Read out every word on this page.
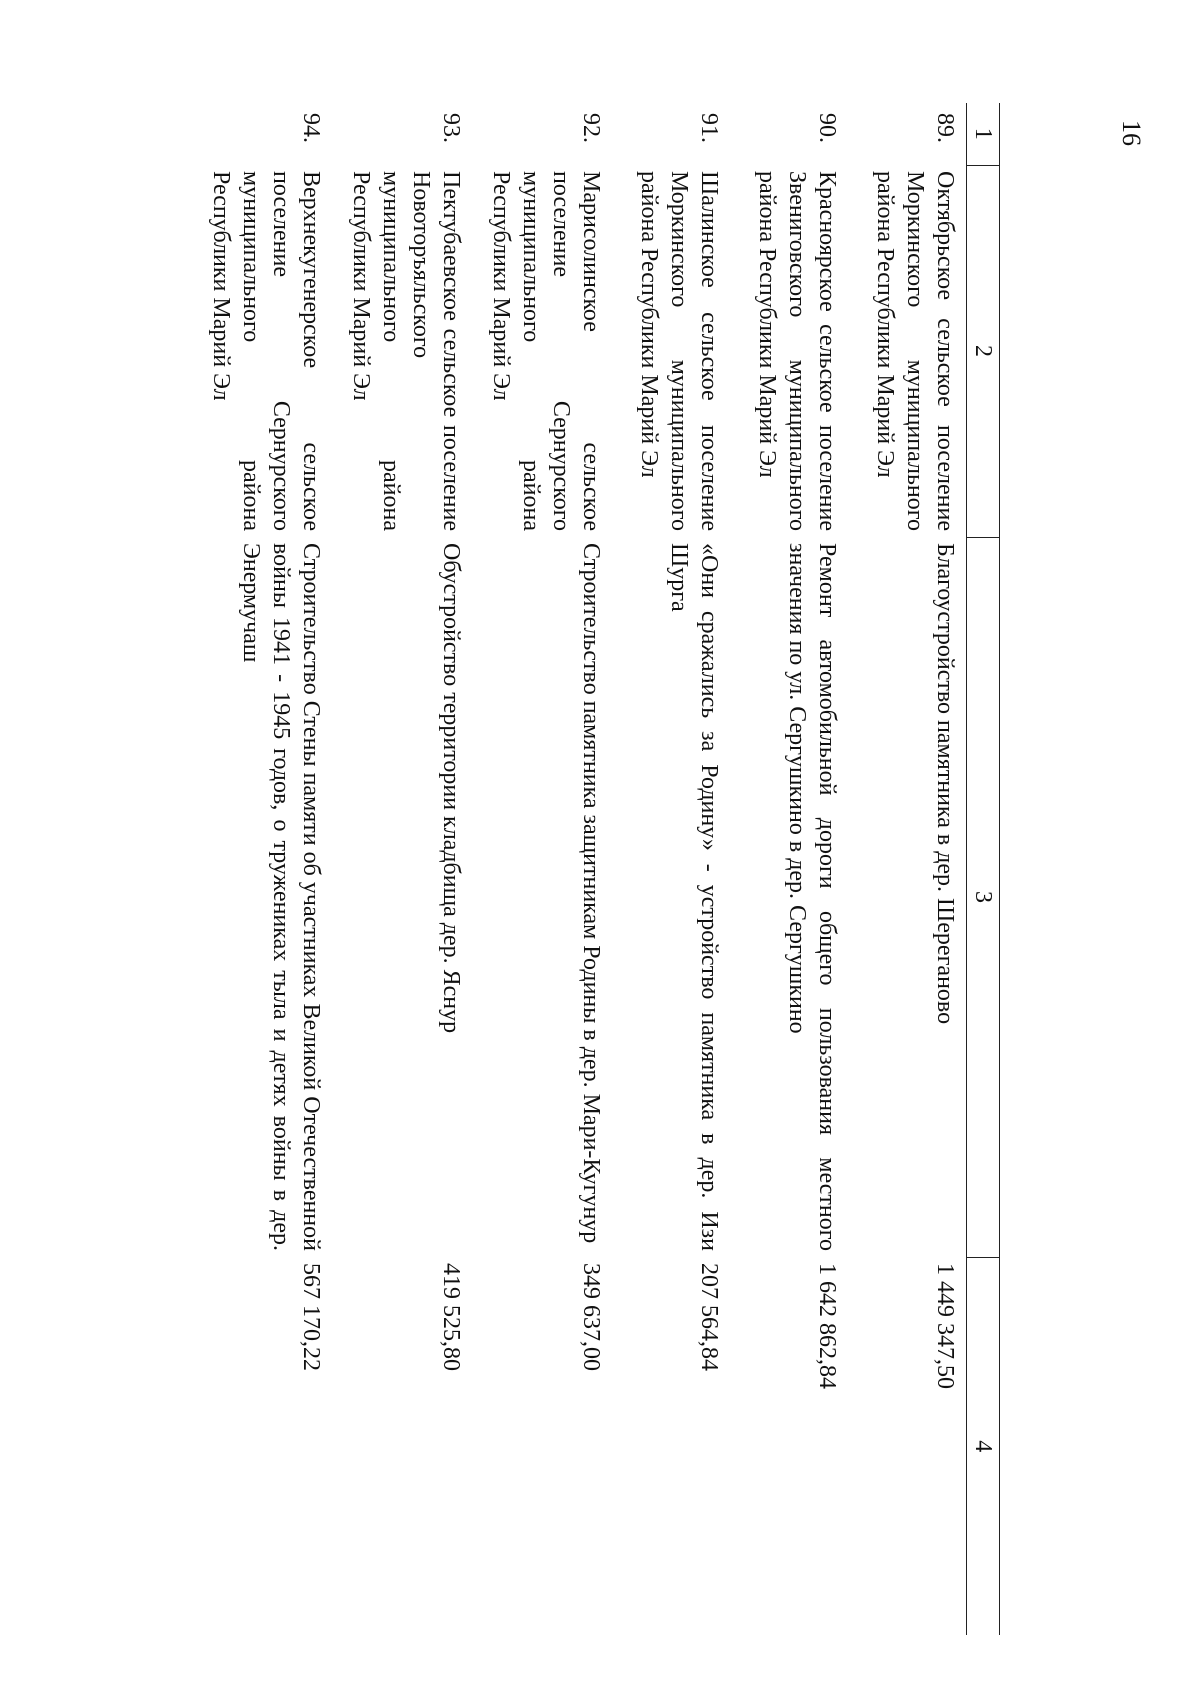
16
1	2	3	4
89.	Октябрьское сельское поселение Моркинского муниципального района Республики Марий Эл	Благоустройство памятника в дер. Шереганово	1 449 347,50
90.	Красноярское сельское поселение Звениговского муниципального района Республики Марий Эл	Ремонт автомобильной дороги общего пользования местного значения по ул. Сергушкино в дер. Сергушкино	1 642 862,84
91.	Шалинское сельское поселение Моркинского муниципального района Республики Марий Эл	«Они сражались за Родину» - устройство памятника в дер. Изи Шурга	207 564,84
92.	Марисолинское сельское поселение Сернурского муниципального района Республики Марий Эл	Строительство памятника защитникам Родины в дер. Мари-Кугунур	349 637,00
93.	Пектубаевское сельское поселение Новоторъяльского муниципального района Республики Марий Эл	Обустройство территории кладбища дер. Яснур	419 525,80
94.	Верхнекугенерское сельское поселение Сернурского муниципального района Республики Марий Эл	Строительство Стены памяти об участниках Великой Отечественной войны 1941 - 1945 годов, о тружениках тыла и детях войны в дер. Энермучаш	567 170,22
